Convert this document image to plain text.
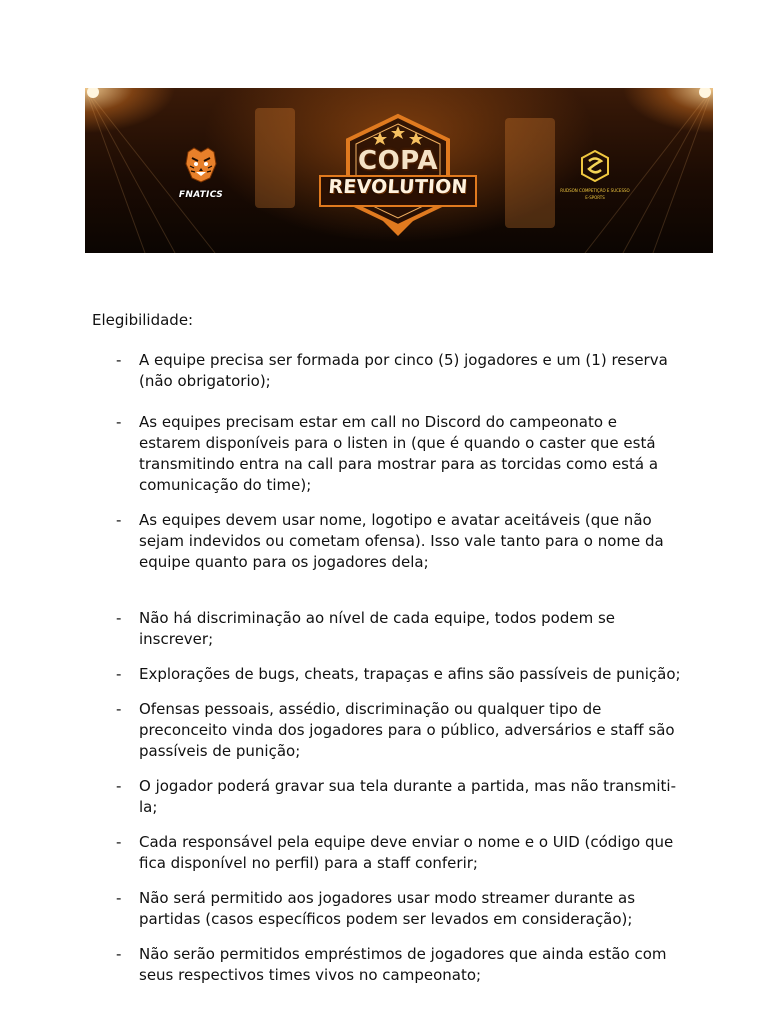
FNATICS
COPA
REVOLUTION	RUDSON COMPETIÇÃO E SUCESSO
E-SPORTS

Elegibilidade:

- A equipe precisa ser formada por cinco (5) jogadores e um (1) reserva (não obrigatorio);
- As equipes precisam estar em call no Discord do campeonato e estarem disponíveis para o listen in (que é quando o caster que está transmitindo entra na call para mostrar para as torcidas como está a comunicação do time);
- As equipes devem usar nome, logotipo e avatar aceitáveis (que não sejam indevidos ou cometam ofensa). Isso vale tanto para o nome da equipe quanto para os jogadores dela;
- Não há discriminação ao nível de cada equipe, todos podem se inscrever;
- Explorações de bugs, cheats, trapaças e afins são passíveis de punição;
- Ofensas pessoais, assédio, discriminação ou qualquer tipo de preconceito vinda dos jogadores para o público, adversários e staff são passíveis de punição;
- O jogador poderá gravar sua tela durante a partida, mas não transmiti-la;
- Cada responsável pela equipe deve enviar o nome e o UID (código que fica disponível no perfil) para a staff conferir;
- Não será permitido aos jogadores usar modo streamer durante as partidas (casos específicos podem ser levados em consideração);
- Não serão permitidos empréstimos de jogadores que ainda estão com seus respectivos times vivos no campeonato;
